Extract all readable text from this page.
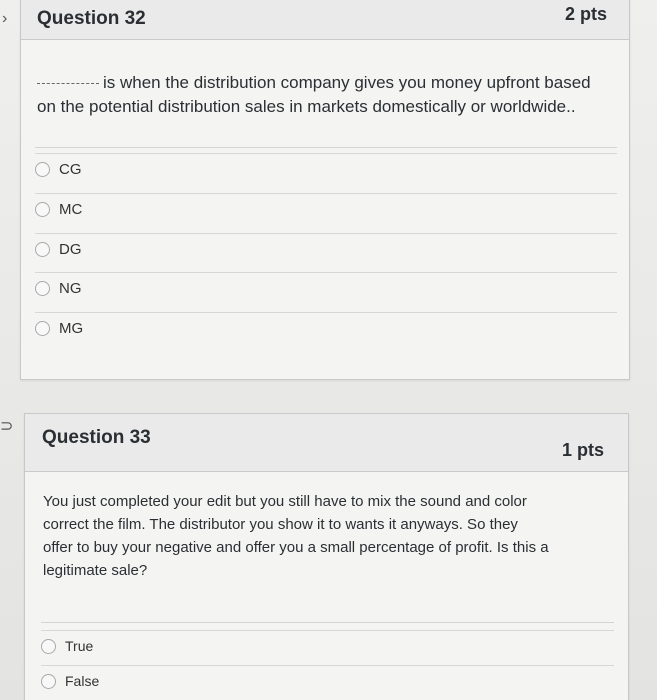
›	Question 32	2 pts
is when the distribution company gives you money upfront based
on the potential distribution sales in markets domestically or worldwide..
CG
MC
DG
NG
MG
⊃
Question 33
1 pts
You just completed your edit but you still have to mix the sound and color
correct the film. The distributor you show it to wants it anyways. So they
offer to buy your negative and offer you a small percentage of profit. Is this a
legitimate sale?
True
False
